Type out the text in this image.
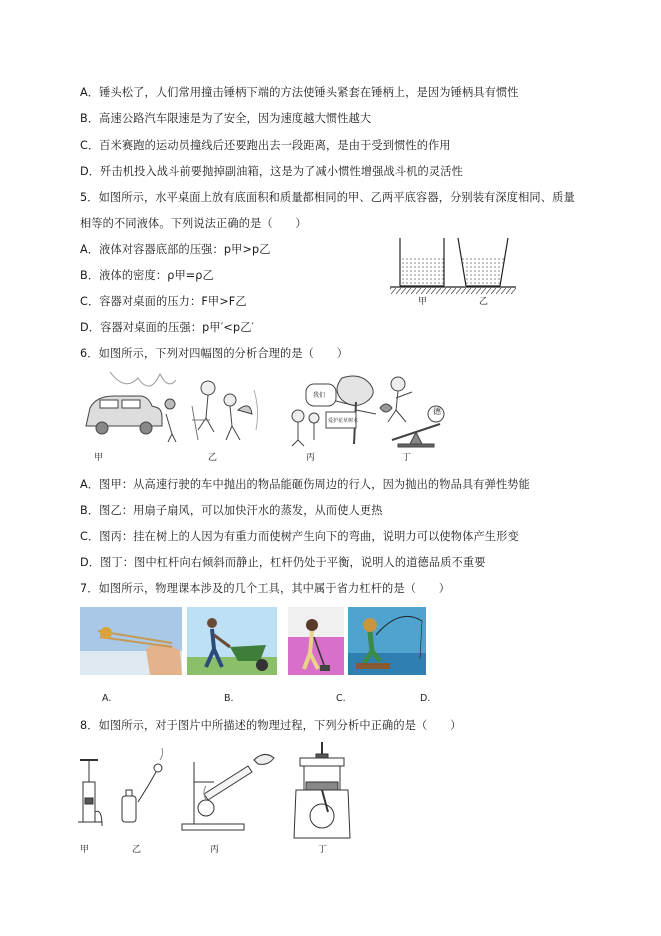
A．锤头松了，人们常用撞击锤柄下端的方法使锤头紧套在锤柄上，是因为锤柄具有惯性
B．高速公路汽车限速是为了安全，因为速度越大惯性越大
C．百米赛跑的运动员撞线后还要跑出去一段距离，是由于受到惯性的作用
D．歼击机投入战斗前要抛掉副油箱，这是为了减小惯性增强战斗机的灵活性
5．如图所示，水平桌面上放有底面积和质量都相同的甲、乙两平底容器，分别装有深度相同、质量
相等的不同液体。下列说法正确的是（　　）
A．液体对容器底部的压强：p甲>p乙
B．液体的密度：ρ甲=ρ乙
C．容器对桌面的压力：F甲>F乙
D．容器对桌面的压强：p甲′<p乙′
6．如图所示，下列对四幅图的分析合理的是（　　）
A．图甲：从高速行驶的车中抛出的物品能砸伤周边的行人，因为抛出的物品具有弹性势能
B．图乙：用扇子扇风，可以加快汗水的蒸发，从而使人更热
C．图丙：挂在树上的人因为有重力而使树产生向下的弯曲，说明力可以使物体产生形变
D．图丁：图中杠杆向右倾斜而静止，杠杆仍处于平衡，说明人的道德品质不重要
7．如图所示，物理课本涉及的几个工具，其中属于省力杠杆的是（　　）
8．如图所示，对于图片中所描述的物理过程，下列分析中正确的是（　　）
甲	乙
我们
爱护花草树木
德
甲	乙	丙	丁
A.	B.	C.	D.
甲	乙	丙	丁
